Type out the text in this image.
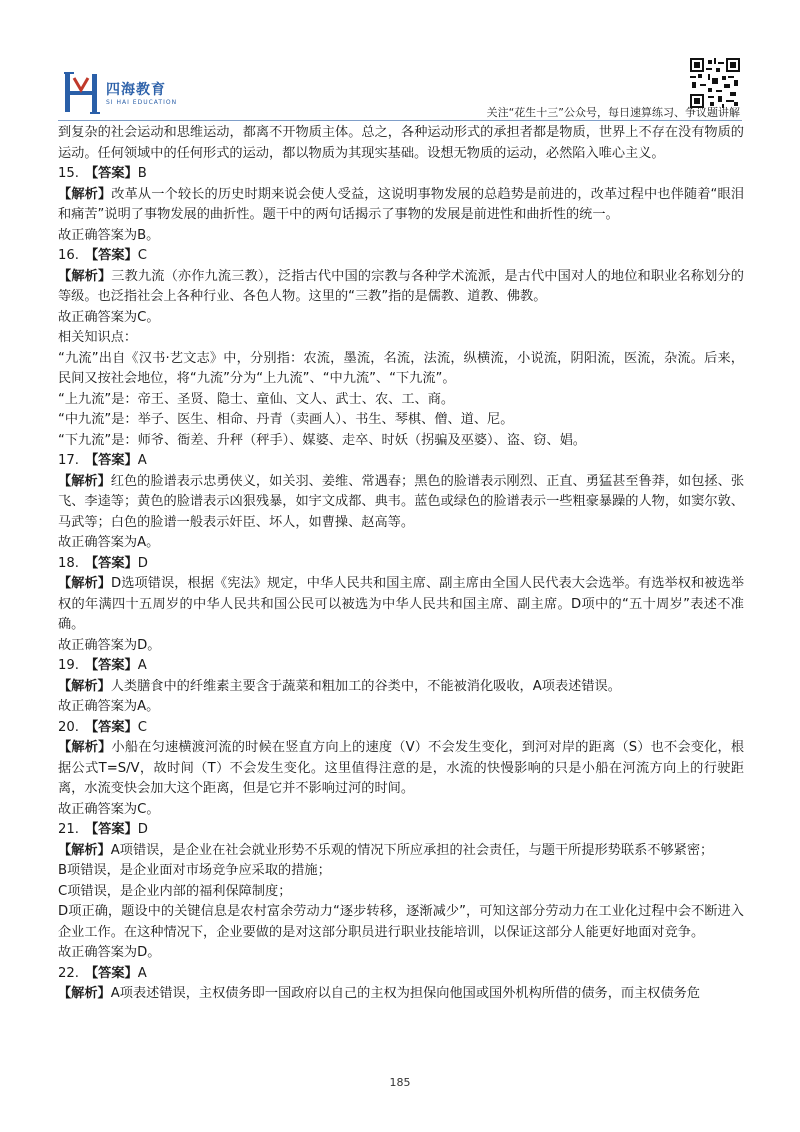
四海教育
SI HAI EDUCATION
关注“花生十三”公众号，每日速算练习、争议题讲解

到复杂的社会运动和思维运动，都离不开物质主体。总之，各种运动形式的承担者都是物质，世界上不存在没有物质的运动。任何领域中的任何形式的运动，都以物质为其现实基础。设想无物质的运动，必然陷入唯心主义。

15. 【答案】B

【解析】改革从一个较长的历史时期来说会使人受益，这说明事物发展的总趋势是前进的，改革过程中也伴随着“眼泪和痛苦”说明了事物发展的曲折性。题干中的两句话揭示了事物的发展是前进性和曲折性的统一。

故正确答案为B。

16. 【答案】C

【解析】三教九流（亦作九流三教），泛指古代中国的宗教与各种学术流派，是古代中国对人的地位和职业名称划分的等级。也泛指社会上各种行业、各色人物。这里的“三教”指的是儒教、道教、佛教。

故正确答案为C。

相关知识点：

“九流”出自《汉书·艺文志》中，分别指：农流，墨流，名流，法流，纵横流，小说流，阴阳流，医流，杂流。后来，民间又按社会地位，将“九流”分为“上九流”、“中九流”、“下九流”。

“上九流”是：帝王、圣贤、隐士、童仙、文人、武士、农、工、商。

“中九流”是：举子、医生、相命、丹青（卖画人）、书生、琴棋、僧、道、尼。

“下九流”是：师爷、衙差、升秤（秤手）、媒婆、走卒、时妖（拐骗及巫婆）、盗、窃、娼。

17. 【答案】A

【解析】红色的脸谱表示忠勇侠义，如关羽、姜维、常遇春；黑色的脸谱表示刚烈、正直、勇猛甚至鲁莽，如包拯、张飞、李逵等；黄色的脸谱表示凶狠残暴，如宇文成都、典韦。蓝色或绿色的脸谱表示一些粗豪暴躁的人物，如窦尔敦、马武等；白色的脸谱一般表示奸臣、坏人，如曹操、赵高等。

故正确答案为A。

18. 【答案】D

【解析】D选项错误，根据《宪法》规定，中华人民共和国主席、副主席由全国人民代表大会选举。有选举权和被选举权的年满四十五周岁的中华人民共和国公民可以被选为中华人民共和国主席、副主席。D项中的“五十周岁”表述不准确。

故正确答案为D。

19. 【答案】A

【解析】人类膳食中的纤维素主要含于蔬菜和粗加工的谷类中，不能被消化吸收，A项表述错误。

故正确答案为A。

20. 【答案】C

【解析】小船在匀速横渡河流的时候在竖直方向上的速度（V）不会发生变化，到河对岸的距离（S）也不会变化，根据公式T=S/V，故时间（T）不会发生变化。这里值得注意的是，水流的快慢影响的只是小船在河流方向上的行驶距离，水流变快会加大这个距离，但是它并不影响过河的时间。

故正确答案为C。

21. 【答案】D

【解析】A项错误，是企业在社会就业形势不乐观的情况下所应承担的社会责任，与题干所提形势联系不够紧密；

B项错误，是企业面对市场竞争应采取的措施；

C项错误，是企业内部的福利保障制度；

D项正确，题设中的关键信息是农村富余劳动力“逐步转移，逐渐减少”，可知这部分劳动力在工业化过程中会不断进入企业工作。在这种情况下，企业要做的是对这部分职员进行职业技能培训，以保证这部分人能更好地面对竞争。

故正确答案为D。

22. 【答案】A

【解析】A项表述错误，主权债务即一国政府以自己的主权为担保向他国或国外机构所借的债务，而主权债务危

185
